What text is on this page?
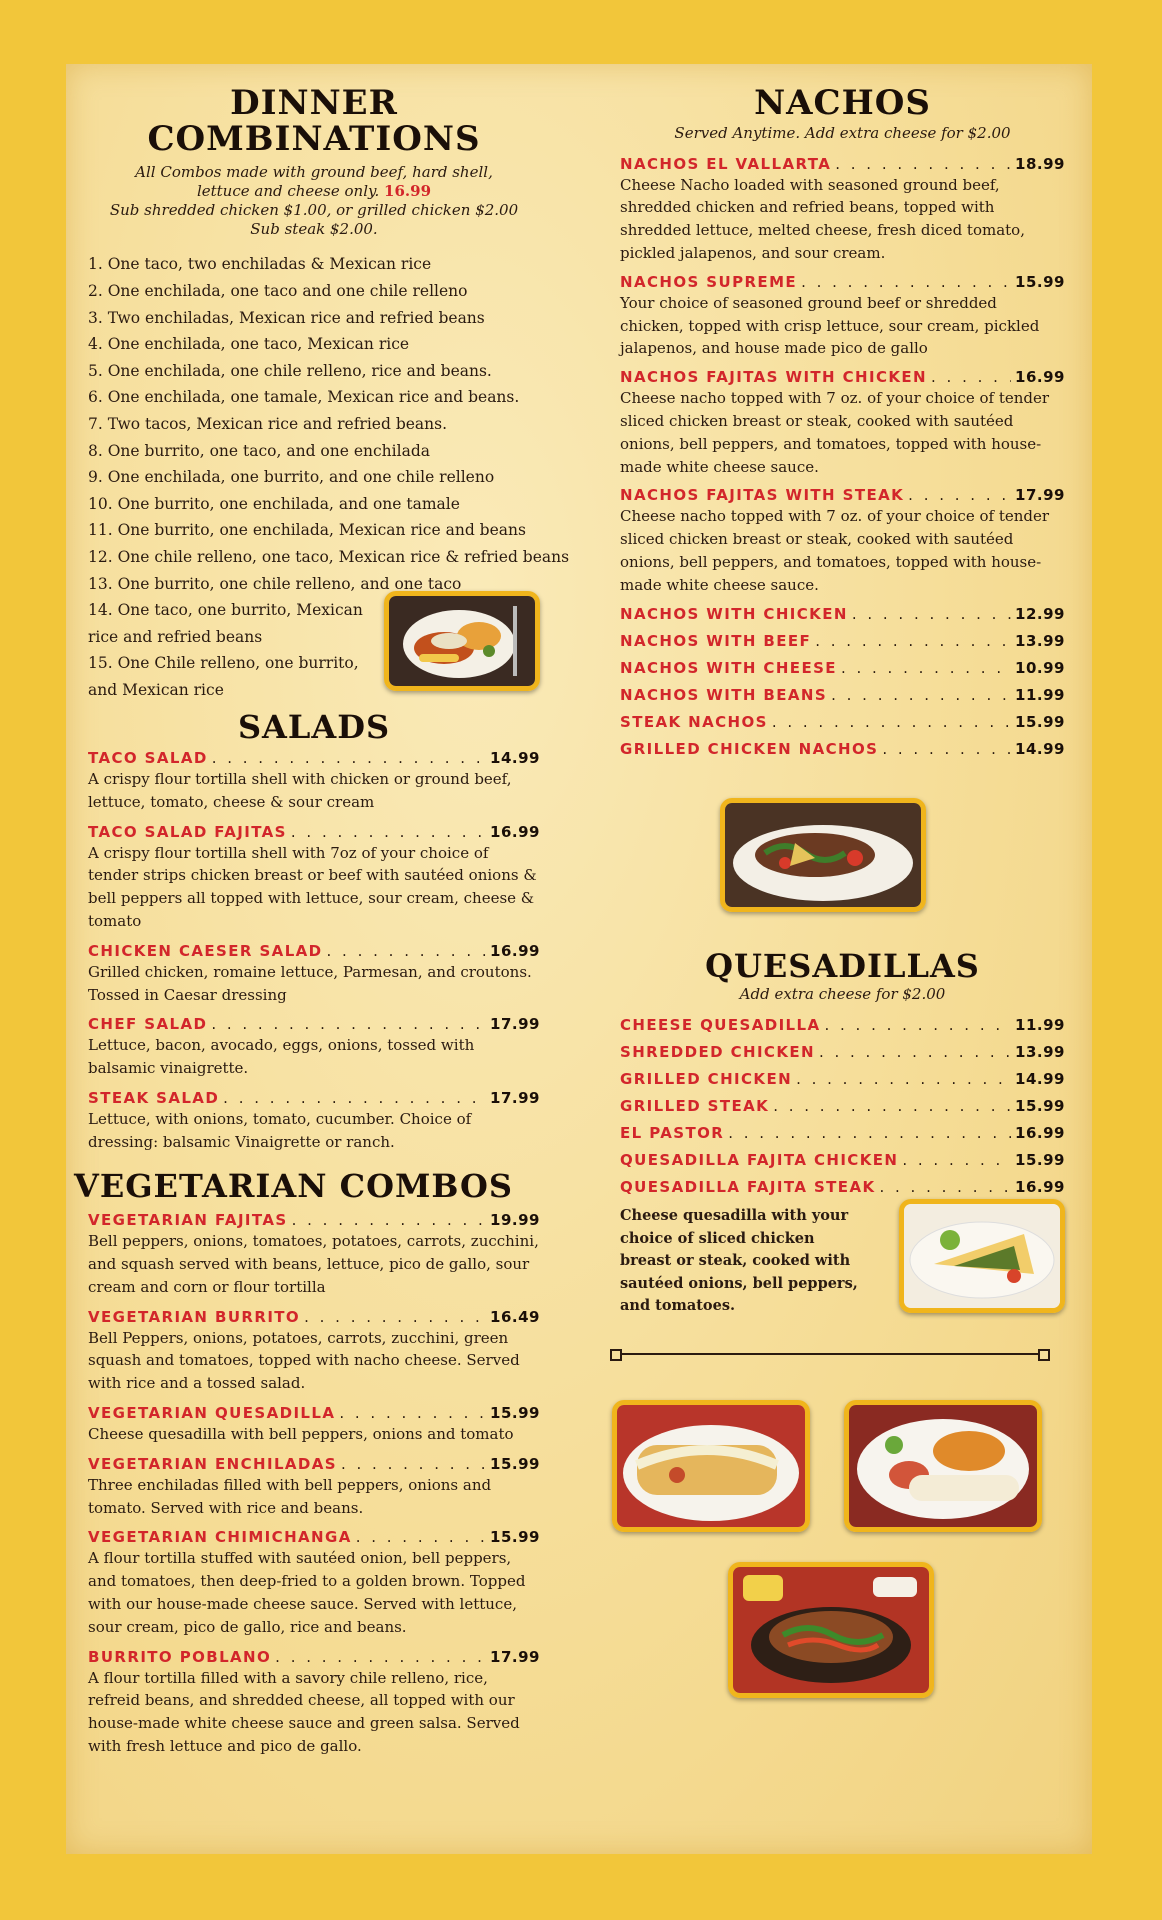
DINNER
COMBINATIONS
All Combos made with ground beef, hard shell,
lettuce and cheese only. 16.99
Sub shredded chicken $1.00, or grilled chicken $2.00
Sub steak $2.00.
1. One taco, two enchiladas & Mexican rice
2. One enchilada, one taco and one chile relleno
3. Two enchiladas, Mexican rice and refried beans
4. One enchilada, one taco, Mexican rice
5. One enchilada, one chile relleno, rice and beans.
6. One enchilada, one tamale, Mexican rice and beans.
7. Two tacos, Mexican rice and refried beans.
8. One burrito, one taco, and one enchilada
9. One enchilada, one burrito, and one chile relleno
10. One burrito, one enchilada, and one tamale
11. One burrito, one enchilada, Mexican rice and beans
12. One chile relleno, one taco, Mexican rice & refried beans
13. One burrito, one chile relleno, and one taco
14. One taco, one burrito, Mexican rice and refried beans
15. One Chile relleno, one burrito, and Mexican rice
SALADS
TACO SALAD . . .	14.99
A crispy flour tortilla shell with chicken or ground beef, lettuce, tomato, cheese & sour cream
TACO SALAD FAJITAS . . .	16.99
A crispy flour tortilla shell with 7oz of your choice of tender strips chicken breast or beef with sautéed onions & bell peppers all topped with lettuce, sour cream, cheese & tomato
CHICKEN CAESER SALAD . . .	16.99
Grilled chicken, romaine lettuce, Parmesan, and croutons. Tossed in Caesar dressing
CHEF SALAD . . .	17.99
Lettuce, bacon, avocado, eggs, onions, tossed with balsamic vinaigrette.
STEAK SALAD . . .	17.99
Lettuce, with onions, tomato, cucumber. Choice of dressing: balsamic Vinaigrette or ranch.
VEGETARIAN COMBOS
VEGETARIAN FAJITAS . . .	19.99
Bell peppers, onions, tomatoes, potatoes, carrots, zucchini, and squash served with beans, lettuce, pico de gallo, sour cream and corn or flour tortilla
VEGETARIAN BURRITO . . .	16.49
Bell Peppers, onions, potatoes, carrots, zucchini, green squash and tomatoes, topped with nacho cheese. Served with rice and a tossed salad.
VEGETARIAN QUESADILLA . . .	15.99
Cheese quesadilla with bell peppers, onions and tomato
VEGETARIAN ENCHILADAS . . .	15.99
Three enchiladas filled with bell peppers, onions and tomato. Served with rice and beans.
VEGETARIAN CHIMICHANGA . . .	15.99
A flour tortilla stuffed with sautéed onion, bell peppers, and tomatoes, then deep-fried to a golden brown. Topped with our house-made cheese sauce. Served with lettuce, sour cream, pico de gallo, rice and beans.
BURRITO POBLANO . . .	17.99
A flour tortilla filled with a savory chile relleno, rice, refreid beans, and shredded cheese, all topped with our house-made white cheese sauce and green salsa. Served with fresh lettuce and pico de gallo.
NACHOS
Served Anytime. Add extra cheese for $2.00
NACHOS EL VALLARTA . . .	18.99
Cheese Nacho loaded with seasoned ground beef, shredded chicken and refried beans, topped with shredded lettuce, melted cheese, fresh diced tomato, pickled jalapenos, and sour cream.
NACHOS SUPREME . . .	15.99
Your choice of seasoned ground beef or shredded chicken, topped with crisp lettuce, sour cream, pickled jalapenos, and house made pico de gallo
NACHOS FAJITAS WITH CHICKEN . . .	16.99
Cheese nacho topped with 7 oz. of your choice of tender sliced chicken breast or steak, cooked with sautéed onions, bell peppers, and tomatoes, topped with house-made white cheese sauce.
NACHOS FAJITAS WITH STEAK . . .	17.99
Cheese nacho topped with 7 oz. of your choice of tender sliced chicken breast or steak, cooked with sautéed onions, bell peppers, and tomatoes, topped with house-made white cheese sauce.
NACHOS WITH CHICKEN . . .	12.99
NACHOS WITH BEEF . . .	13.99
NACHOS WITH CHEESE . . .	10.99
NACHOS WITH BEANS . . .	11.99
STEAK NACHOS . . .	15.99
GRILLED CHICKEN NACHOS . . .	14.99
QUESADILLAS
Add extra cheese for $2.00
CHEESE QUESADILLA . . .	11.99
SHREDDED CHICKEN . . .	13.99
GRILLED CHICKEN . . .	14.99
GRILLED STEAK . . .	15.99
EL PASTOR . . .	16.99
QUESADILLA FAJITA CHICKEN . . .	15.99
QUESADILLA FAJITA STEAK . . .	16.99
Cheese quesadilla with your choice of sliced chicken breast or steak, cooked with sautéed onions, bell peppers, and tomatoes.
